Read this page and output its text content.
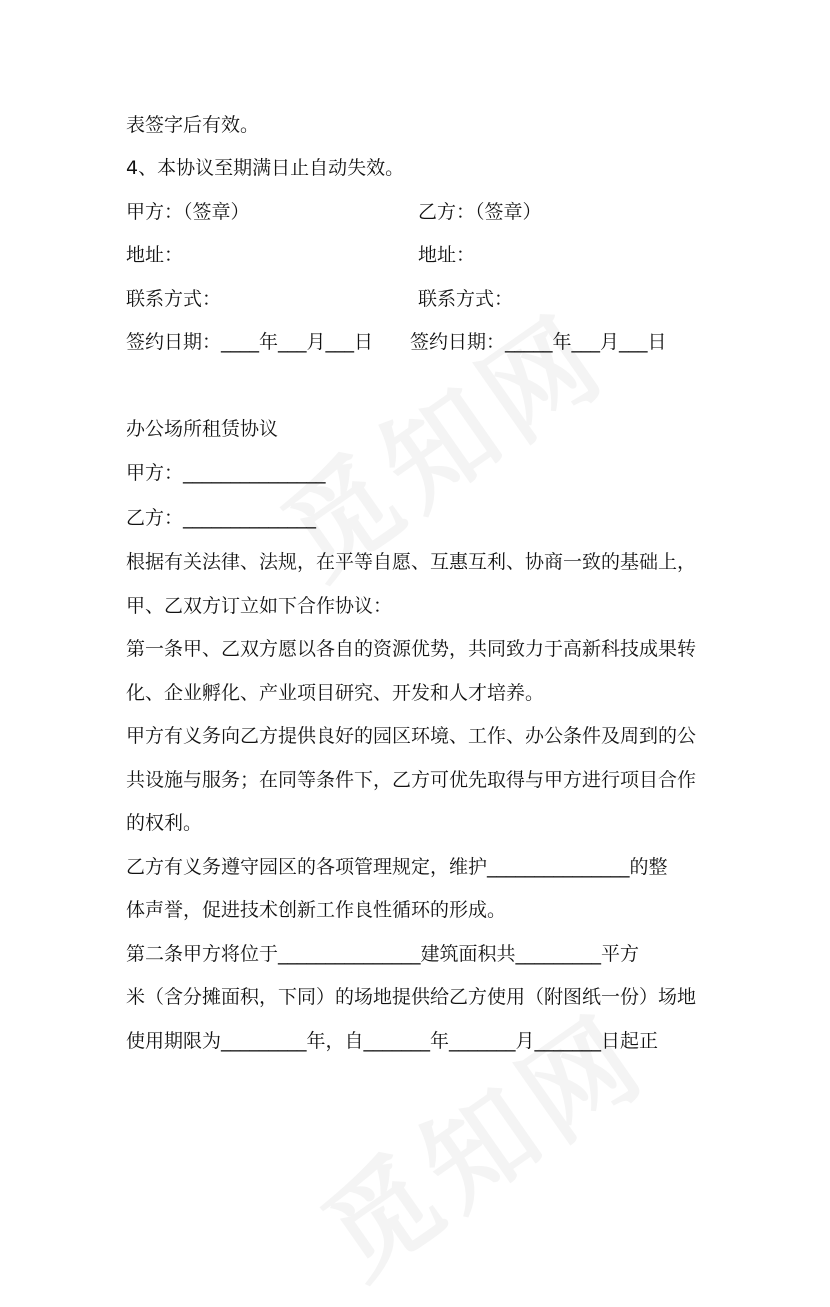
表签字后有效。
4、本协议至期满日止自动失效。
甲方：（签章）	乙方：（签章）
地址：	地址：
联系方式：	联系方式：
签约日期：____年___月___日 签约日期：_____年___月___日
办公场所租赁协议
甲方：_______________
乙方：______________
根据有关法律、法规，在平等自愿、互惠互利、协商一致的基础上，
甲、乙双方订立如下合作协议：
第一条甲、乙双方愿以各自的资源优势，共同致力于高新科技成果转
化、企业孵化、产业项目研究、开发和人才培养。
甲方有义务向乙方提供良好的园区环境、工作、办公条件及周到的公
共设施与服务；在同等条件下，乙方可优先取得与甲方进行项目合作
的权利。
乙方有义务遵守园区的各项管理规定，维护_______________的整
体声誉，促进技术创新工作良性循环的形成。
第二条甲方将位于_______________建筑面积共_________平方
米（含分摊面积，下同）的场地提供给乙方使用（附图纸一份）场地
使用期限为_________年，自_______年_______月_______日起正
